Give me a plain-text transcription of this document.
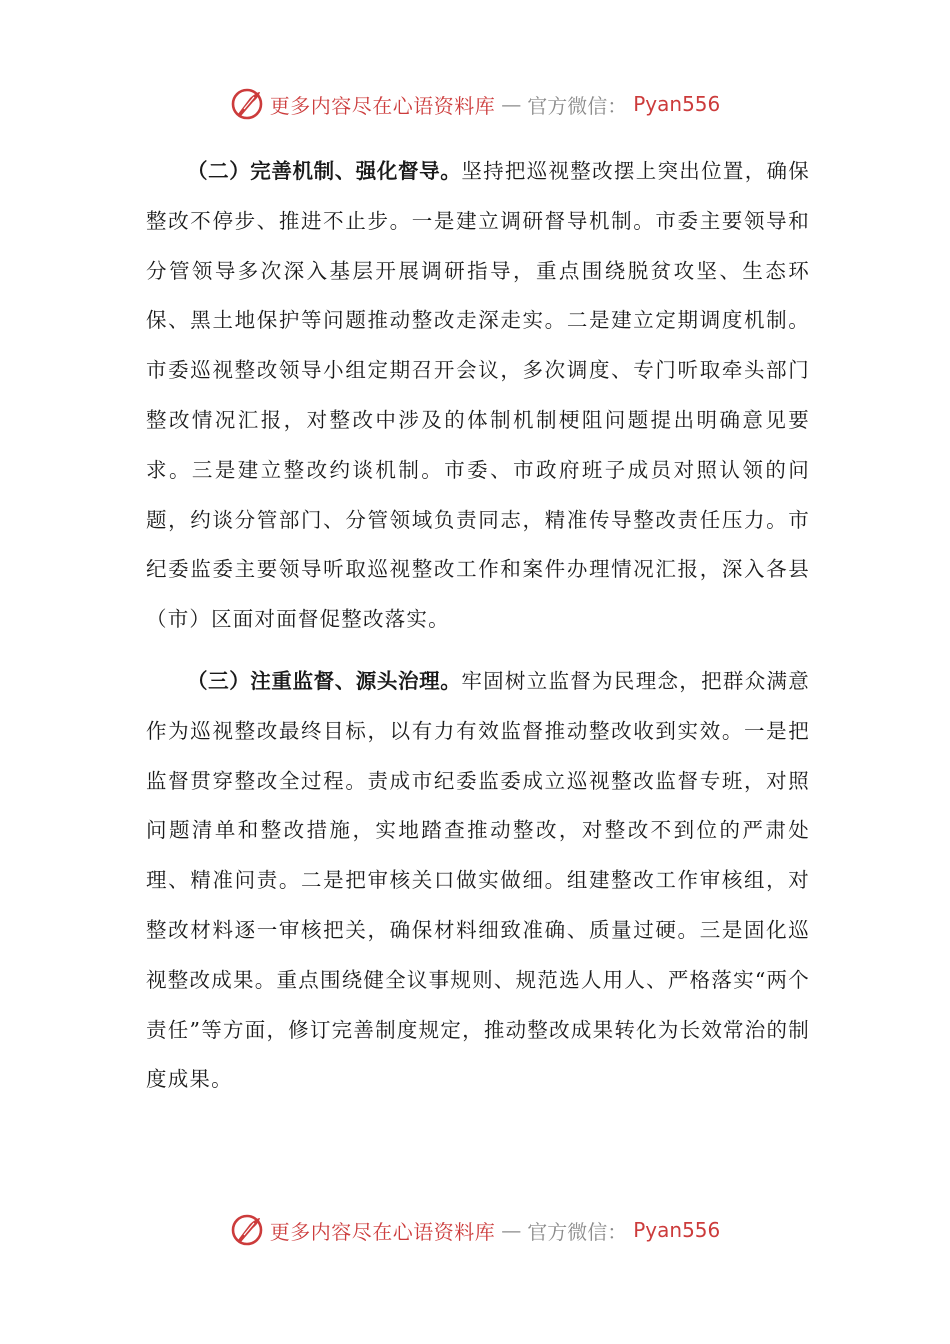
更多内容尽在心语资料库 — 官方微信： Pyan556

（二）完善机制、强化督导。坚持把巡视整改摆上突出位置，确保整改不停步、推进不止步。一是建立调研督导机制。市委主要领导和分管领导多次深入基层开展调研指导，重点围绕脱贫攻坚、生态环保、黑土地保护等问题推动整改走深走实。二是建立定期调度机制。市委巡视整改领导小组定期召开会议，多次调度、专门听取牵头部门整改情况汇报，对整改中涉及的体制机制梗阻问题提出明确意见要求。三是建立整改约谈机制。市委、市政府班子成员对照认领的问题，约谈分管部门、分管领域负责同志，精准传导整改责任压力。市纪委监委主要领导听取巡视整改工作和案件办理情况汇报，深入各县（市）区面对面督促整改落实。

（三）注重监督、源头治理。牢固树立监督为民理念，把群众满意作为巡视整改最终目标，以有力有效监督推动整改收到实效。一是把监督贯穿整改全过程。责成市纪委监委成立巡视整改监督专班，对照问题清单和整改措施，实地踏查推动整改，对整改不到位的严肃处理、精准问责。二是把审核关口做实做细。组建整改工作审核组，对整改材料逐一审核把关，确保材料细致准确、质量过硬。三是固化巡视整改成果。重点围绕健全议事规则、规范选人用人、严格落实“两个责任”等方面，修订完善制度规定，推动整改成果转化为长效常治的制度成果。

更多内容尽在心语资料库 — 官方微信： Pyan556
